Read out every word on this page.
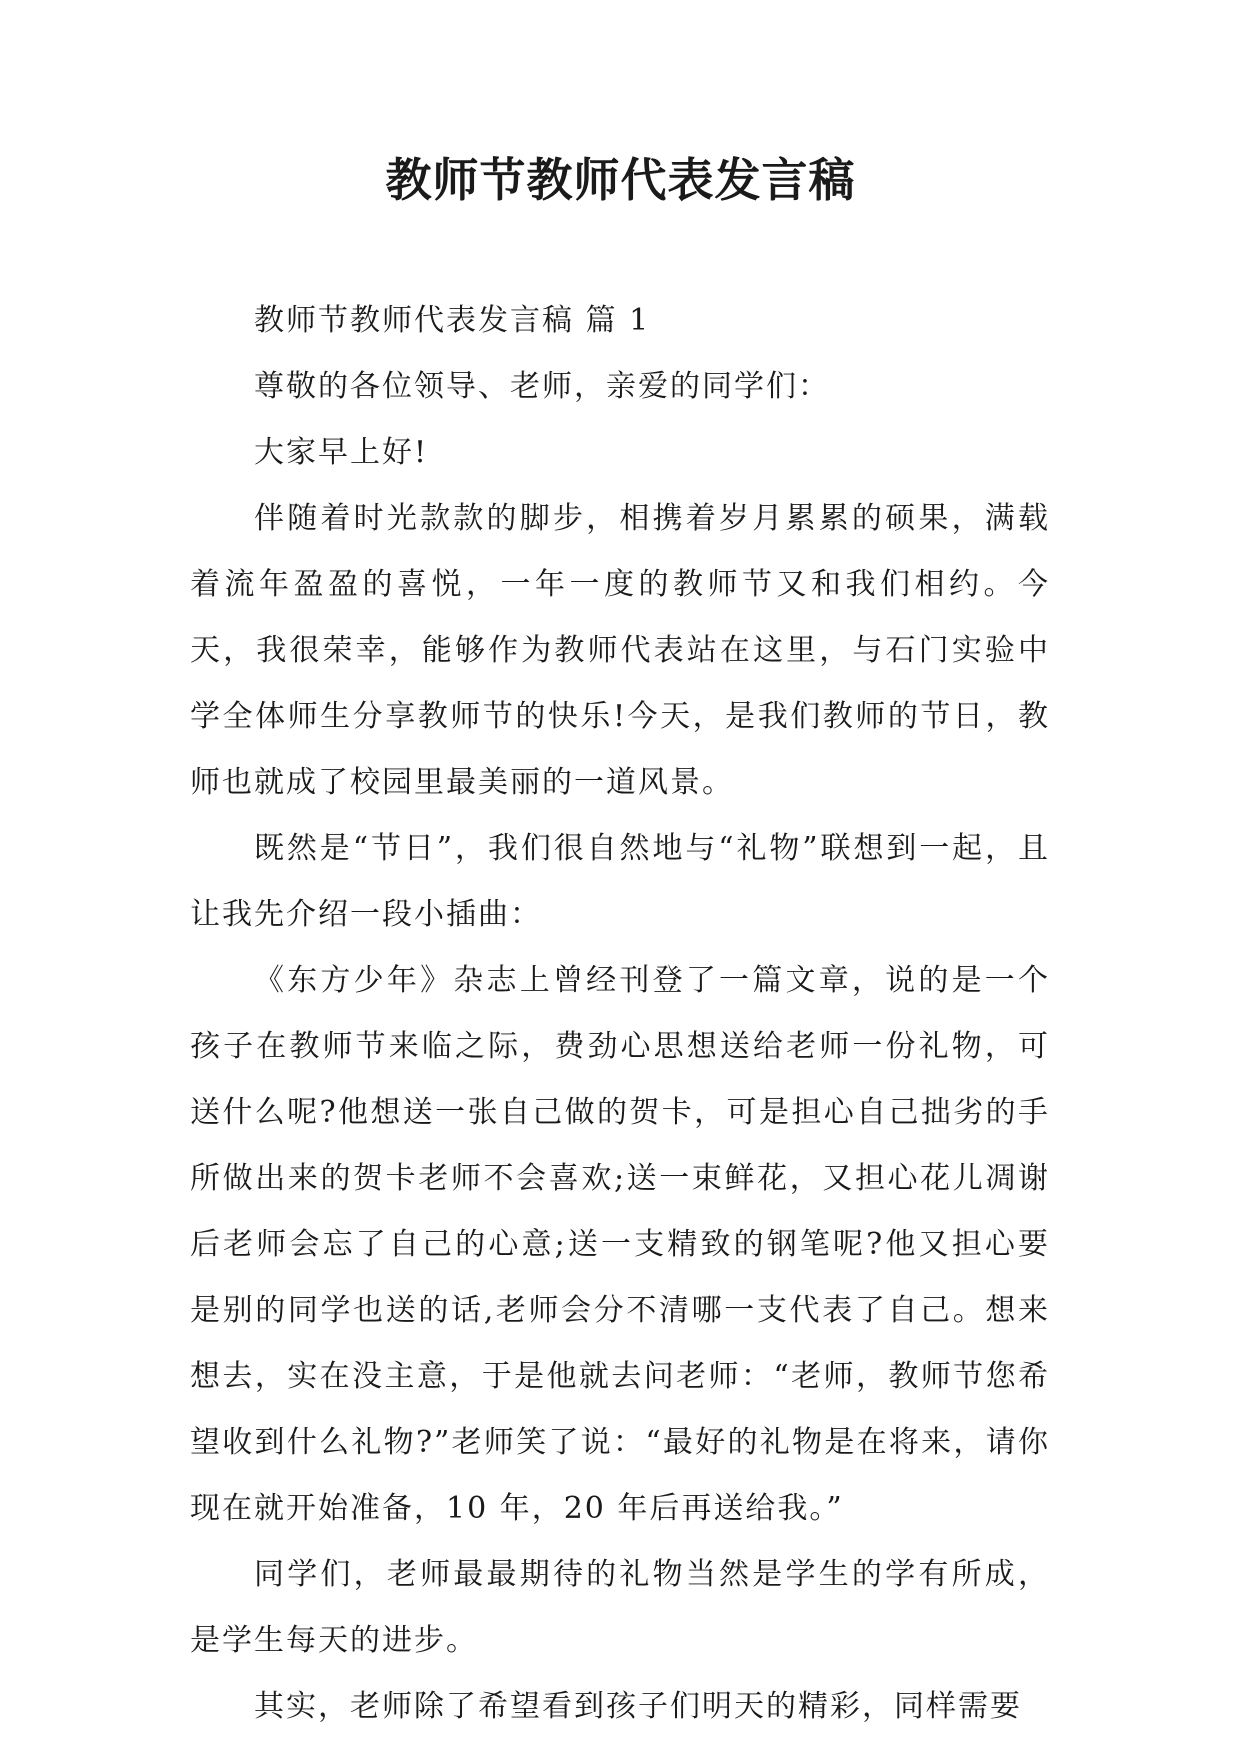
教师节教师代表发言稿

教师节教师代表发言稿 篇 1

尊敬的各位领导、老师，亲爱的同学们：

大家早上好!

伴随着时光款款的脚步，相携着岁月累累的硕果，满载着流年盈盈的喜悦，一年一度的教师节又和我们相约。今天，我很荣幸，能够作为教师代表站在这里，与石门实验中学全体师生分享教师节的快乐!今天，是我们教师的节日，教师也就成了校园里最美丽的一道风景。

既然是“节日”，我们很自然地与“礼物”联想到一起，且让我先介绍一段小插曲：

《东方少年》杂志上曾经刊登了一篇文章，说的是一个孩子在教师节来临之际，费劲心思想送给老师一份礼物，可送什么呢?他想送一张自己做的贺卡，可是担心自己拙劣的手所做出来的贺卡老师不会喜欢;送一束鲜花，又担心花儿凋谢后老师会忘了自己的心意;送一支精致的钢笔呢?他又担心要是别的同学也送的话,老师会分不清哪一支代表了自己。想来想去，实在没主意，于是他就去问老师：“老师，教师节您希望收到什么礼物?”老师笑了说：“最好的礼物是在将来，请你现在就开始准备，10 年，20 年后再送给我。”

同学们，老师最最期待的礼物当然是学生的学有所成，是学生每天的进步。

其实，老师除了希望看到孩子们明天的精彩，同样需要
